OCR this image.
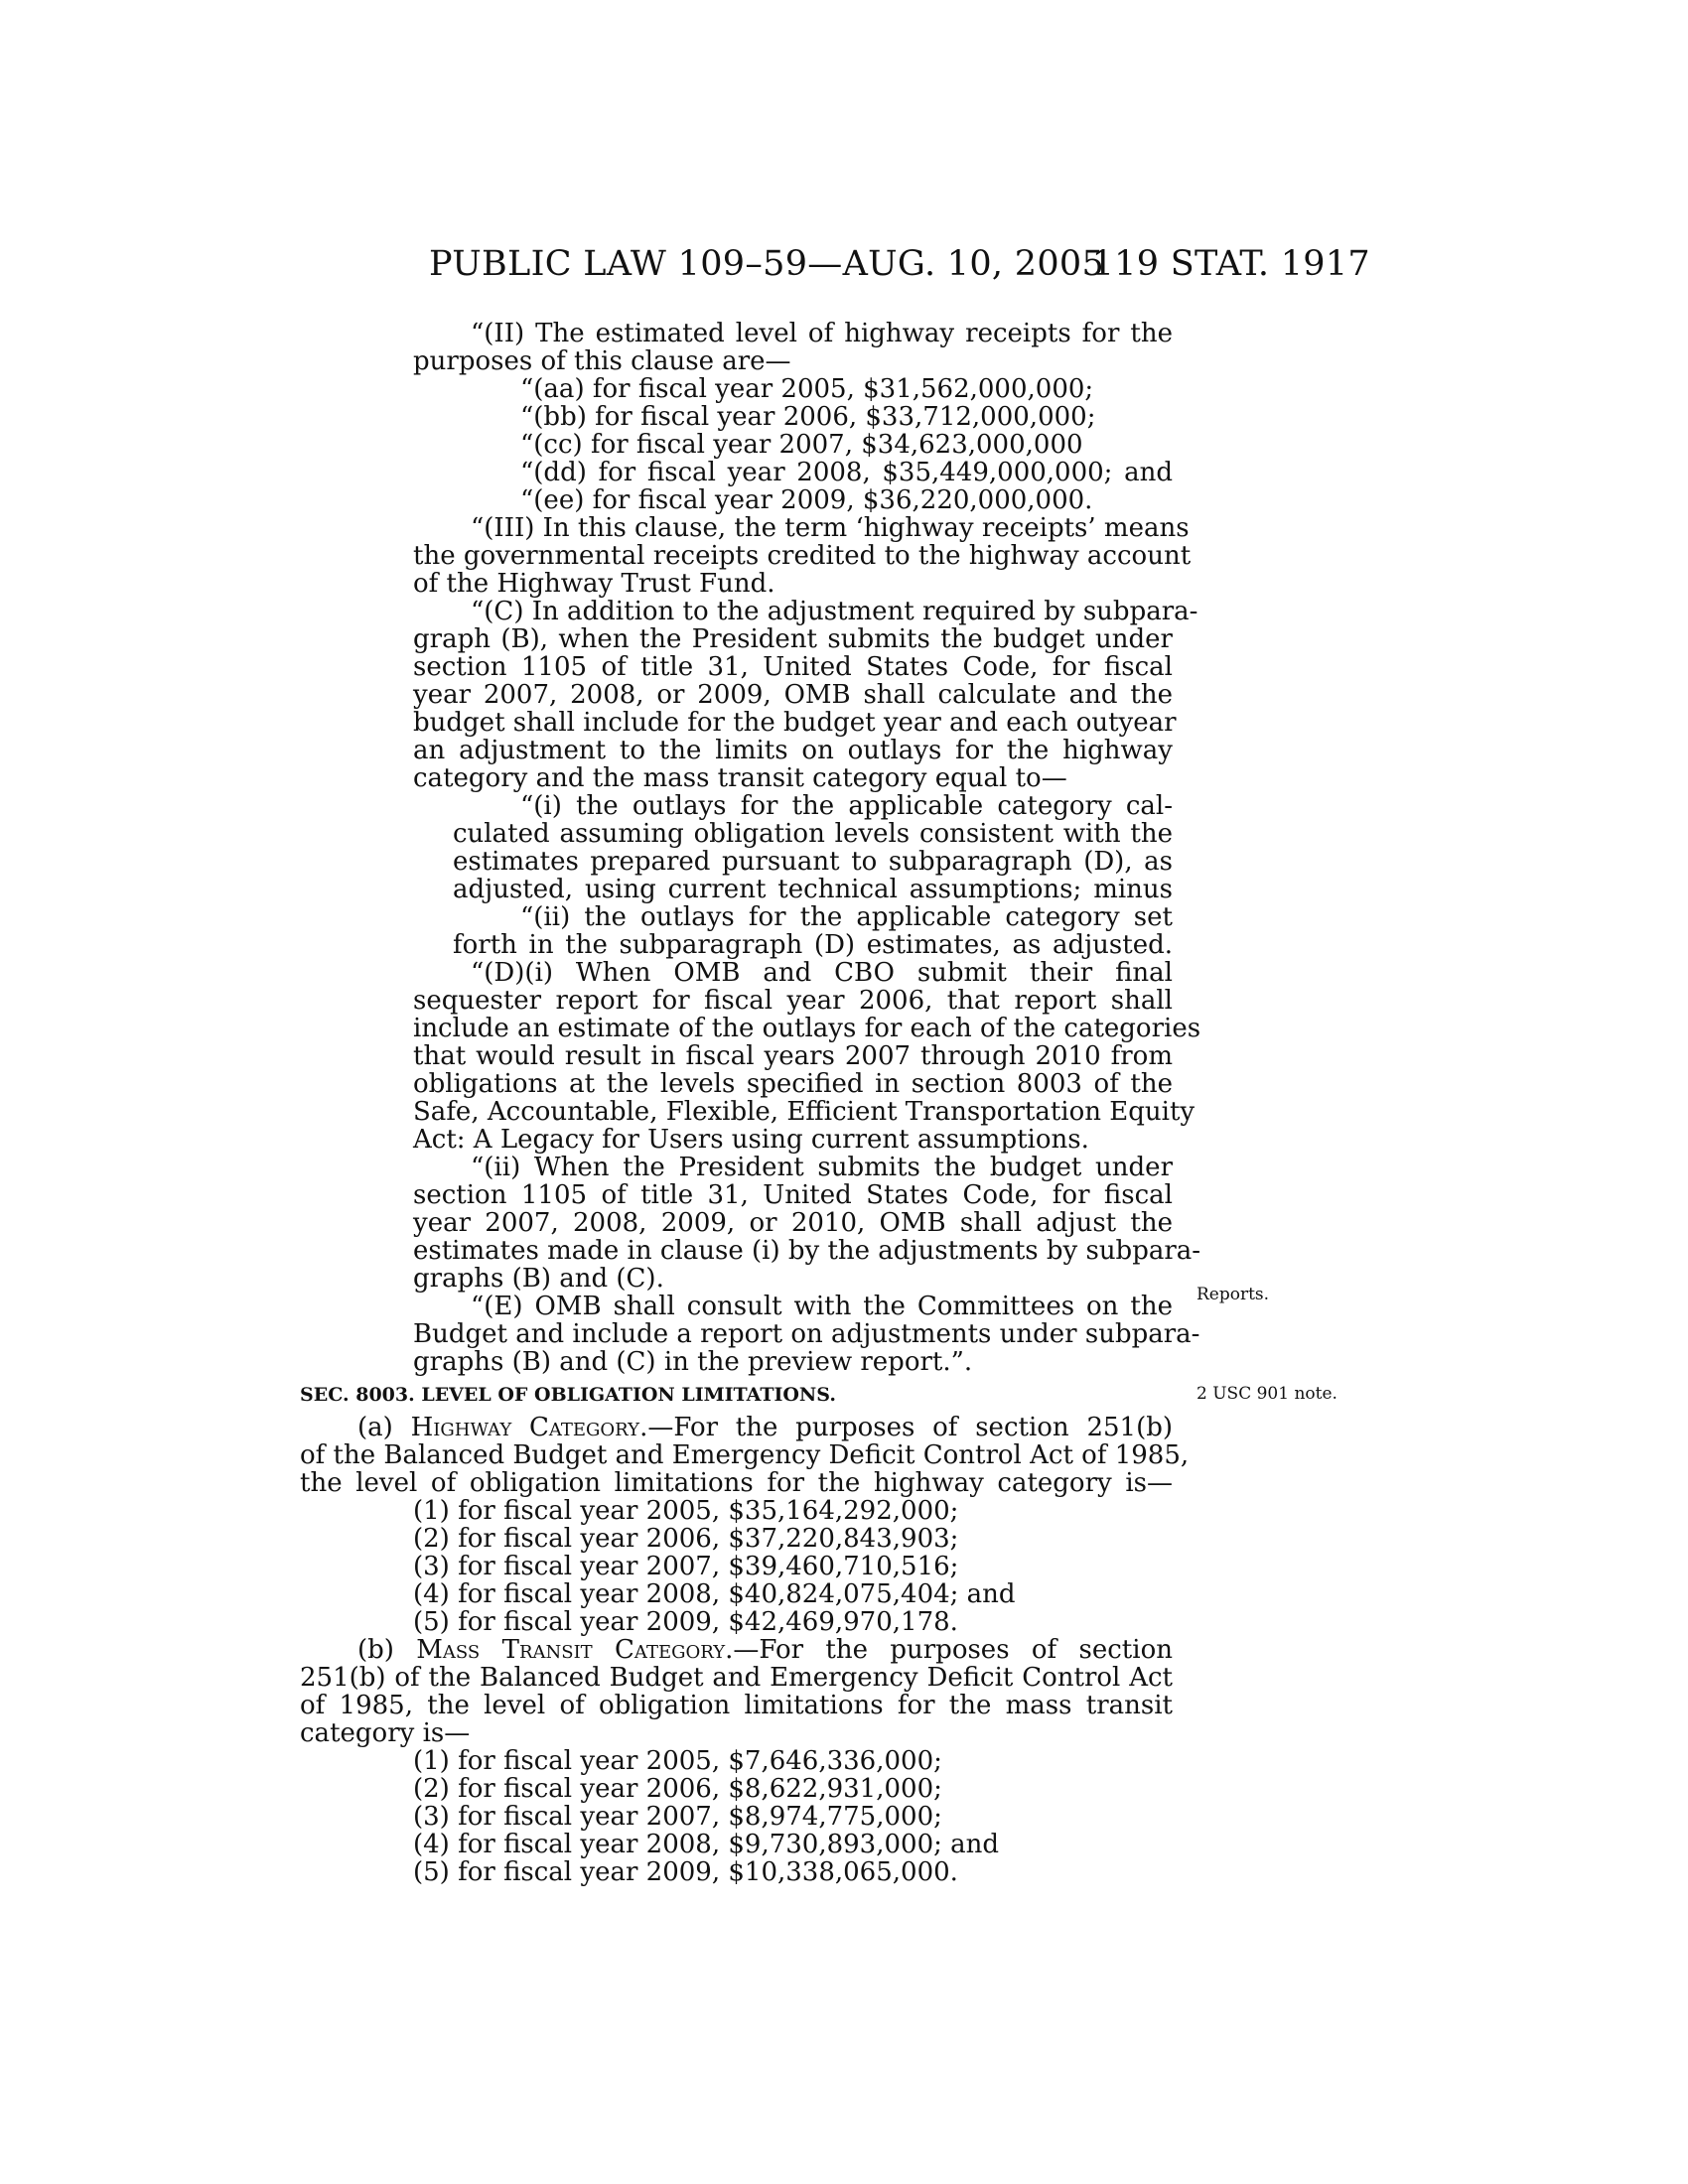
PUBLIC LAW 109–59—AUG. 10, 2005
119 STAT. 1917

“(II) The estimated level of highway receipts for the

purposes of this clause are—

“(aa) for fiscal year 2005, $31,562,000,000;

“(bb) for fiscal year 2006, $33,712,000,000;

“(cc) for fiscal year 2007, $34,623,000,000

“(dd) for fiscal year 2008, $35,449,000,000; and

“(ee) for fiscal year 2009, $36,220,000,000.

“(III) In this clause, the term ‘highway receipts’ means

the governmental receipts credited to the highway account

of the Highway Trust Fund.

“(C) In addition to the adjustment required by subpara-

graph (B), when the President submits the budget under

section 1105 of title 31, United States Code, for fiscal

year 2007, 2008, or 2009, OMB shall calculate and the

budget shall include for the budget year and each outyear

an adjustment to the limits on outlays for the highway

category and the mass transit category equal to—

“(i) the outlays for the applicable category cal-

culated assuming obligation levels consistent with the

estimates prepared pursuant to subparagraph (D), as

adjusted, using current technical assumptions; minus

“(ii) the outlays for the applicable category set

forth in the subparagraph (D) estimates, as adjusted.

“(D)(i) When OMB and CBO submit their final

sequester report for fiscal year 2006, that report shall

include an estimate of the outlays for each of the categories

that would result in fiscal years 2007 through 2010 from

obligations at the levels specified in section 8003 of the

Safe, Accountable, Flexible, Efficient Transportation Equity

Act: A Legacy for Users using current assumptions.

“(ii) When the President submits the budget under

section 1105 of title 31, United States Code, for fiscal

year 2007, 2008, 2009, or 2010, OMB shall adjust the

estimates made in clause (i) by the adjustments by subpara-

graphs (B) and (C).

“(E) OMB shall consult with the Committees on the

Budget and include a report on adjustments under subpara-

graphs (B) and (C) in the preview report.”.

Reports.
2 USC 901 note.
SEC. 8003. LEVEL OF OBLIGATION LIMITATIONS.

(a) Highway Category.—For the purposes of section 251(b)

of the Balanced Budget and Emergency Deficit Control Act of 1985,

the level of obligation limitations for the highway category is—

(1) for fiscal year 2005, $35,164,292,000;

(2) for fiscal year 2006, $37,220,843,903;

(3) for fiscal year 2007, $39,460,710,516;

(4) for fiscal year 2008, $40,824,075,404; and

(5) for fiscal year 2009, $42,469,970,178.

(b) Mass Transit Category.—For the purposes of section

251(b) of the Balanced Budget and Emergency Deficit Control Act

of 1985, the level of obligation limitations for the mass transit

category is—

(1) for fiscal year 2005, $7,646,336,000;

(2) for fiscal year 2006, $8,622,931,000;

(3) for fiscal year 2007, $8,974,775,000;

(4) for fiscal year 2008, $9,730,893,000; and

(5) for fiscal year 2009, $10,338,065,000.
